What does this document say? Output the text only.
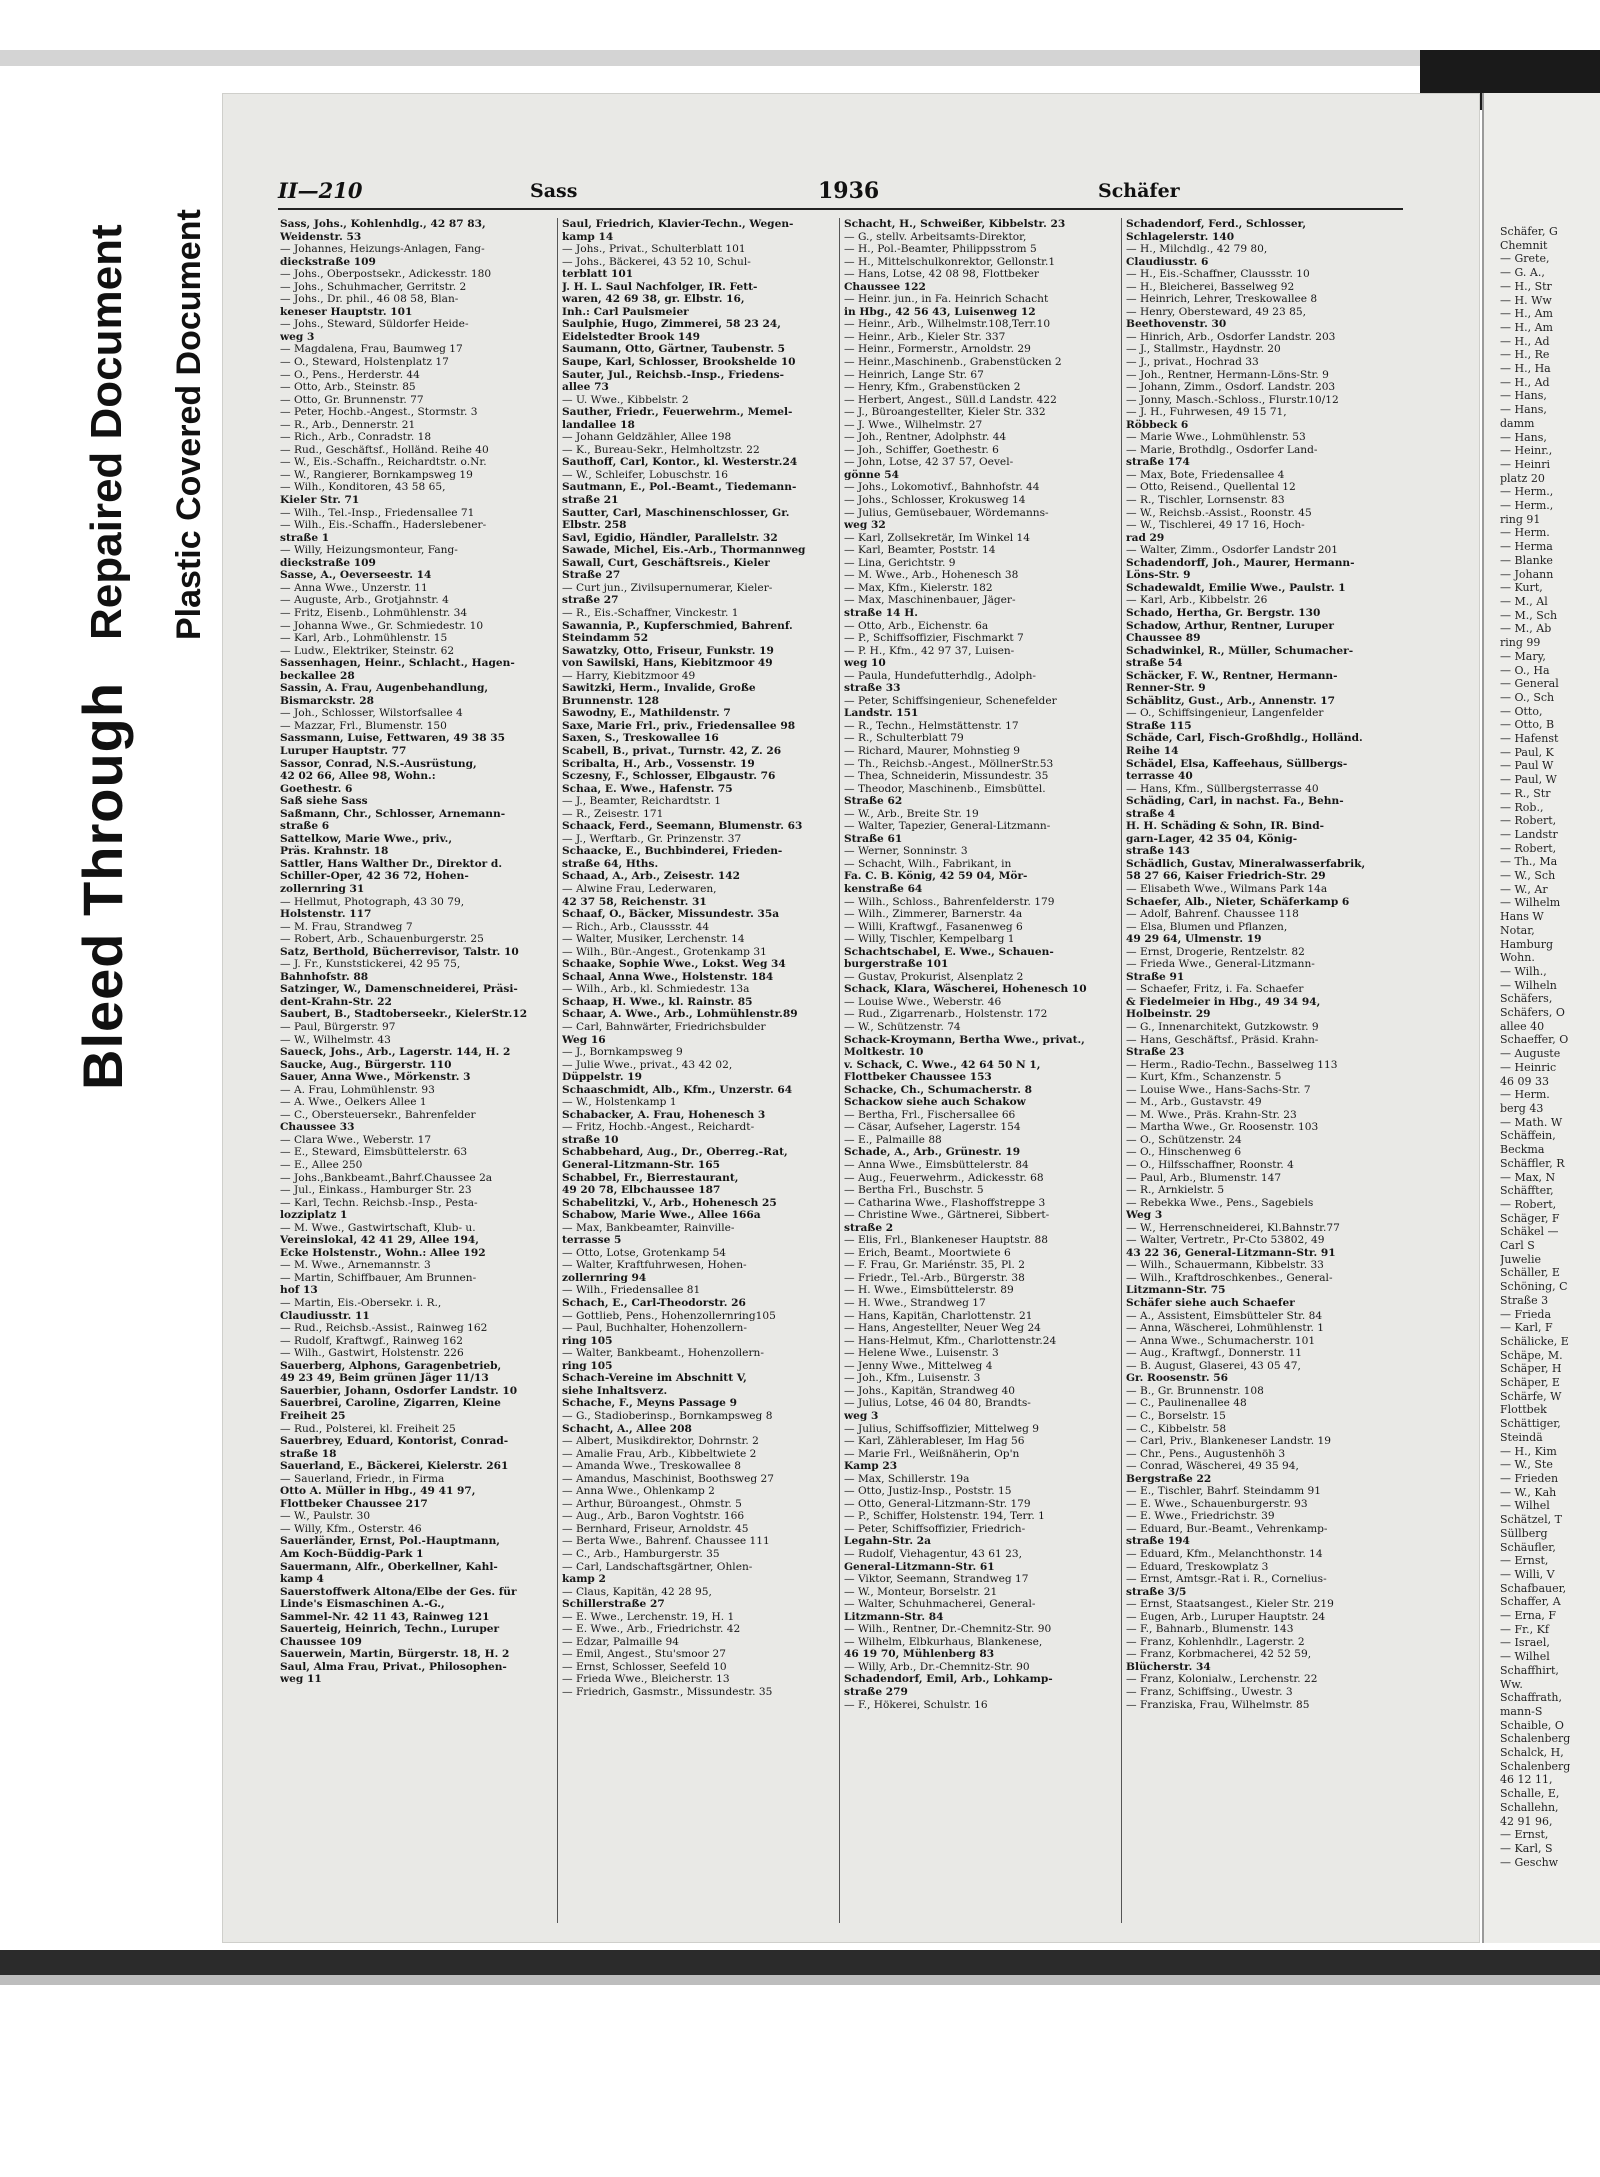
Bleed Through
Repaired Document Plastic Covered Document	Schäfer, G
Chemnit
— Grete,
— G. A.,
— H., Str
— H. Ww
— H., Am
— H., Am
— H., Ad
— H., Re
— H., Ha
— H., Ad
— Hans,
— Hans,
damm
— Hans,
— Heinr.,
— Heinri
platz 20
— Herm.,
— Herm.,
ring 91
— Herm.
— Herma
— Blanke
— Johann
— Kurt,
— M., Al
— M., Sch
— M., Ab
ring 99
— Mary,
— O., Ha
— General
— O., Sch
— Otto,
— Otto, B
— Hafenst
— Paul, K
— Paul W
— Paul, W
— R., Str
— Rob.,
— Robert,
— Landstr
— Robert,
— Th., Ma
— W., Sch
— W., Ar
— Wilhelm
Hans W
Notar,
Hamburg
Wohn.
— Wilh.,
— Wilheln
Schäfers,
Schäfers, O
allee 40
Schaeffer, O
— Auguste
— Heinric
46 09 33
— Herm.
berg 43
— Math. W
Schäffein,
Beckma
Schäffler, R
— Max, N
Schäffter,
— Robert,
Schäger, F
Schäkel —
Carl S
Juwelie
Schäller, E
Schöning, C
Straße 3
— Frieda
— Karl, F
Schälicke, E
Schäpe, M.
Schäper, H
Schäper, E
Schärfe, W
Flottbek
Schättiger,
Steindä
— H., Kim
— W., Ste
— Frieden
— W., Kah
— Wilhel
Schätzel, T
Süllberg
Schäufler,
— Ernst,
— Willi, V
Schafbauer,
Schaffer, A
— Erna, F
— Fr., Kf
— Israel,
— Wilhel
Schaffhirt,
Ww.
Schaffrath,
mann-S
Schaible, O
Schalenberg
Schalck, H,
Schalenberg
46 12 11,
Schalle, E,
Schallehn,
42 91 96,
— Ernst,
— Karl, S
— Geschw
II—210	Sass	1936	Schäfer
Sass, Johs., Kohlenhdlg., 42 87 83,
Weidenstr. 53
— Johannes, Heizungs-Anlagen, Fang-
dieckstraße 109
— Johs., Oberpostsekr., Adickesstr. 180
— Johs., Schuhmacher, Gerritstr. 2
— Johs., Dr. phil., 46 08 58, Blan-
keneser Hauptstr. 101
— Johs., Steward, Süldorfer Heide-
weg 3
— Magdalena, Frau, Baumweg 17
— O., Steward, Holstenplatz 17
— O., Pens., Herderstr. 44
— Otto, Arb., Steinstr. 85
— Otto, Gr. Brunnenstr. 77
— Peter, Hochb.-Angest., Stormstr. 3
— R., Arb., Dennerstr. 21
— Rich., Arb., Conradstr. 18
— Rud., Geschäftsf., Holländ. Reihe 40
— W., Eis.-Schaffn., Reichardtstr. o.Nr.
— W., Rangierer, Bornkampsweg 19
— Wilh., Konditoren, 43 58 65,
Kieler Str. 71
— Wilh., Tel.-Insp., Friedensallee 71
— Wilh., Eis.-Schaffn., Haderslebener-
straße 1
— Willy, Heizungsmonteur, Fang-
dieckstraße 109
Sasse, A., Oeverseestr. 14
— Anna Wwe., Unzerstr. 11
— Auguste, Arb., Grotjahnstr. 4
— Fritz, Eisenb., Lohmühlenstr. 34
— Johanna Wwe., Gr. Schmiedestr. 10
— Karl, Arb., Lohmühlenstr. 15
— Ludw., Elektriker, Steinstr. 62
Sassenhagen, Heinr., Schlacht., Hagen-
beckallee 28
Sassin, A. Frau, Augenbehandlung,
Bismarckstr. 28
— Joh., Schlosser, Wilstorfsallee 4
— Mazzar, Frl., Blumenstr. 150
Sassmann, Luise, Fettwaren, 49 38 35
Luruper Hauptstr. 77
Sassor, Conrad, N.S.-Ausrüstung,
42 02 66, Allee 98, Wohn.:
Goethestr. 6
Saß siehe Sass
Saßmann, Chr., Schlosser, Arnemann-
straße 6
Sattelkow, Marie Wwe., priv.,
Präs. Krahnstr. 18
Sattler, Hans Walther Dr., Direktor d.
Schiller-Oper, 42 36 72, Hohen-
zollernring 31
— Hellmut, Photograph, 43 30 79,
Holstenstr. 117
— M. Frau, Strandweg 7
— Robert, Arb., Schauenburgerstr. 25
Satz, Berthold, Bücherrevisor, Talstr. 10
— J. Fr., Kunststickerei, 42 95 75,
Bahnhofstr. 88
Satzinger, W., Damenschneiderei, Präsi-
dent-Krahn-Str. 22
Saubert, B., Stadtoberseekr., KielerStr.12
— Paul, Bürgerstr. 97
— W., Wilhelmstr. 43
Saueck, Johs., Arb., Lagerstr. 144, H. 2
Saucke, Aug., Bürgerstr. 110
Sauer, Anna Wwe., Mörkenstr. 3
— A. Frau, Lohmühlenstr. 93
— A. Wwe., Oelkers Allee 1
— C., Obersteuersekr., Bahrenfelder
Chaussee 33
— Clara Wwe., Weberstr. 17
— E., Steward, Eimsbüttelerstr. 63
— E., Allee 250
— Johs.,Bankbeamt.,Bahrf.Chaussee 2a
— Jul., Einkass., Hamburger Str. 23
— Karl, Techn. Reichsb.-Insp., Pesta-
lozziplatz 1
— M. Wwe., Gastwirtschaft, Klub- u.
Vereinslokal, 42 41 29, Allee 194,
Ecke Holstenstr., Wohn.: Allee 192
— M. Wwe., Arnemannstr. 3
— Martin, Schiffbauer, Am Brunnen-
hof 13
— Martin, Eis.-Obersekr. i. R.,
Claudiusstr. 11
— Rud., Reichsb.-Assist., Rainweg 162
— Rudolf, Kraftwgf., Rainweg 162
— Wilh., Gastwirt, Holstenstr. 226
Sauerberg, Alphons, Garagenbetrieb,
49 23 49, Beim grünen Jäger 11/13
Sauerbier, Johann, Osdorfer Landstr. 10
Sauerbrei, Caroline, Zigarren, Kleine
Freiheit 25
— Rud., Polsterei, kl. Freiheit 25
Sauerbrey, Eduard, Kontorist, Conrad-
straße 18
Sauerland, E., Bäckerei, Kielerstr. 261
— Sauerland, Friedr., in Firma
Otto A. Müller in Hbg., 49 41 97,
Flottbeker Chaussee 217
— W., Paulstr. 30
— Willy, Kfm., Osterstr. 46
Sauerländer, Ernst, Pol.-Hauptmann,
Am Koch-Büddig-Park 1
Sauermann, Alfr., Oberkellner, Kahl-
kamp 4
Sauerstoffwerk Altona/Elbe der Ges. für
Linde's Eismaschinen A.-G.,
Sammel-Nr. 42 11 43, Rainweg 121
Sauerteig, Heinrich, Techn., Luruper
Chaussee 109
Sauerwein, Martin, Bürgerstr. 18, H. 2
Saul, Alma Frau, Privat., Philosophen-
weg 11
Saul, Friedrich, Klavier-Techn., Wegen-
kamp 14
— Johs., Privat., Schulterblatt 101
— Johs., Bäckerei, 43 52 10, Schul-
terblatt 101
J. H. L. Saul Nachfolger, IR. Fett-
waren, 42 69 38, gr. Elbstr. 16,
Inh.: Carl Paulsmeier
Saulphie, Hugo, Zimmerei, 58 23 24,
Eidelstedter Brook 149
Saumann, Otto, Gärtner, Taubenstr. 5
Saupe, Karl, Schlosser, Brookshelde 10
Sauter, Jul., Reichsb.-Insp., Friedens-
allee 73
— U. Wwe., Kibbelstr. 2
Sauther, Friedr., Feuerwehrm., Memel-
landallee 18
— Johann Geldzähler, Allee 198
— K., Bureau-Sekr., Helmholtzstr. 22
Sauthoff, Carl, Kontor., kl. Westerstr.24
— W., Schleifer, Lobuschstr. 16
Sautmann, E., Pol.-Beamt., Tiedemann-
straße 21
Sautter, Carl, Maschinenschlosser, Gr.
Elbstr. 258
Savl, Egidio, Händler, Parallelstr. 32
Sawade, Michel, Eis.-Arb., Thormannweg
Sawall, Curt, Geschäftsreis., Kieler
Straße 27
— Curt jun., Zivilsupernumerar, Kieler-
straße 27
— R., Eis.-Schaffner, Vinckestr. 1
Sawannia, P., Kupferschmied, Bahrenf.
Steindamm 52
Sawatzky, Otto, Friseur, Funkstr. 19
von Sawilski, Hans, Kiebitzmoor 49
— Harry, Kiebitzmoor 49
Sawitzki, Herm., Invalide, Große
Brunnenstr. 128
Sawodny, E., Mathildenstr. 7
Saxe, Marie Frl., priv., Friedensallee 98
Saxen, S., Treskowallee 16
Scabell, B., privat., Turnstr. 42, Z. 26
Scribalta, H., Arb., Vossenstr. 19
Sczesny, F., Schlosser, Elbgaustr. 76
Schaa, E. Wwe., Hafenstr. 75
— J., Beamter, Reichardtstr. 1
— R., Zeisestr. 171
Schaack, Ferd., Seemann, Blumenstr. 63
— J., Werftarb., Gr. Prinzenstr. 37
Schaacke, E., Buchbinderei, Frieden-
straße 64, Hths.
Schaad, A., Arb., Zeisestr. 142
— Alwine Frau, Lederwaren,
42 37 58, Reichenstr. 31
Schaaf, O., Bäcker, Missundestr. 35a
— Rich., Arb., Claussstr. 44
— Walter, Musiker, Lerchenstr. 14
— Wilh., Bür.-Angest., Grotenkamp 31
Schaake, Sophie Wwe., Lokst. Weg 34
Schaal, Anna Wwe., Holstenstr. 184
— Wilh., Arb., kl. Schmiedestr. 13a
Schaap, H. Wwe., kl. Rainstr. 85
Schaar, A. Wwe., Arb., Lohmühlenstr.89
— Carl, Bahnwärter, Friedrichsbulder
Weg 16
— J., Bornkampsweg 9
— Julie Wwe., privat., 43 42 02,
Düppelstr. 19
Schaaschmidt, Alb., Kfm., Unzerstr. 64
— W., Holstenkamp 1
Schabacker, A. Frau, Hohenesch 3
— Fritz, Hochb.-Angest., Reichardt-
straße 10
Schabbehard, Aug., Dr., Oberreg.-Rat,
General-Litzmann-Str. 165
Schabbel, Fr., Bierrestaurant,
49 20 78, Elbchaussee 187
Schabelitzki, V., Arb., Hohenesch 25
Schabow, Marie Wwe., Allee 166a
— Max, Bankbeamter, Rainville-
terrasse 5
— Otto, Lotse, Grotenkamp 54
— Walter, Kraftfuhrwesen, Hohen-
zollernring 94
— Wilh., Friedensallee 81
Schach, E., Carl-Theodorstr. 26
— Gottlieb, Pens., Hohenzollernring105
— Paul, Buchhalter, Hohenzollern-
ring 105
— Walter, Bankbeamt., Hohenzollern-
ring 105
Schach-Vereine im Abschnitt V,
siehe Inhaltsverz.
Schache, F., Meyns Passage 9
— G., Stadioberinsp., Bornkampsweg 8
Schacht, A., Allee 208
— Albert, Musikdirektor, Dohrnstr. 2
— Amalie Frau, Arb., Kibbeltwiete 2
— Amanda Wwe., Treskowallee 8
— Amandus, Maschinist, Boothsweg 27
— Anna Wwe., Ohlenkamp 2
— Arthur, Büroangest., Ohmstr. 5
— Aug., Arb., Baron Voghtstr. 166
— Bernhard, Friseur, Arnoldstr. 45
— Berta Wwe., Bahrenf. Chaussee 111
— C., Arb., Hamburgerstr. 35
— Carl, Landschaftsgärtner, Ohlen-
kamp 2
— Claus, Kapitän, 42 28 95,
Schillerstraße 27
— E. Wwe., Lerchenstr. 19, H. 1
— E. Wwe., Arb., Friedrichstr. 42
— Edzar, Palmaille 94
— Emil, Angest., Stu'smoor 27
— Ernst, Schlosser, Seefeld 10
— Frieda Wwe., Bleicherstr. 13
— Friedrich, Gasmstr., Missundestr. 35
Schacht, H., Schweißer, Kibbelstr. 23
— G., stellv. Arbeitsamts-Direktor,
— H., Pol.-Beamter, Philippsstrom 5
— H., Mittelschulkonrektor, Gellonstr.1
— Hans, Lotse, 42 08 98, Flottbeker
Chaussee 122
— Heinr. jun., in Fa. Heinrich Schacht
in Hbg., 42 56 43, Luisenweg 12
— Heinr., Arb., Wilhelmstr.108,Terr.10
— Heinr., Arb., Kieler Str. 337
— Heinr., Formerstr., Arnoldstr. 29
— Heinr.,Maschinenb., Grabenstücken 2
— Heinrich, Lange Str. 67
— Henry, Kfm., Grabenstücken 2
— Herbert, Angest., Süll.d Landstr. 422
— J., Büroangestellter, Kieler Str. 332
— J. Wwe., Wilhelmstr. 27
— Joh., Rentner, Adolphstr. 44
— Joh., Schiffer, Goethestr. 6
— John, Lotse, 42 37 57, Oevel-
gönne 54
— Johs., Lokomotivf., Bahnhofstr. 44
— Johs., Schlosser, Krokusweg 14
— Julius, Gemüsebauer, Wördemanns-
weg 32
— Karl, Zollsekretär, Im Winkel 14
— Karl, Beamter, Poststr. 14
— Lina, Gerichtstr. 9
— M. Wwe., Arb., Hohenesch 38
— Max, Kfm., Kielerstr. 182
— Max, Maschinenbauer, Jäger-
straße 14 H.
— Otto, Arb., Eichenstr. 6a
— P., Schiffsoffizier, Fischmarkt 7
— P. H., Kfm., 42 97 37, Luisen-
weg 10
— Paula, Hundefutterhdlg., Adolph-
straße 33
— Peter, Schiffsingenieur, Schenefelder
Landstr. 151
— R., Techn., Helmstättenstr. 17
— R., Schulterblatt 79
— Richard, Maurer, Mohnstieg 9
— Th., Reichsb.-Angest., MöllnerStr.53
— Thea, Schneiderin, Missundestr. 35
— Theodor, Maschinenb., Eimsbüttel.
Straße 62
— W., Arb., Breite Str. 19
— Walter, Tapezier, General-Litzmann-
Straße 61
— Werner, Sonninstr. 3
— Schacht, Wilh., Fabrikant, in
Fa. C. B. König, 42 59 04, Mör-
kenstraße 64
— Wilh., Schloss., Bahrenfelderstr. 179
— Wilh., Zimmerer, Barnerstr. 4a
— Willi, Kraftwgf., Fasanenweg 6
— Willy, Tischler, Kempelbarg 1
Schachtschabel, E. Wwe., Schauen-
burgerstraße 101
— Gustav, Prokurist, Alsenplatz 2
Schack, Klara, Wäscherei, Hohenesch 10
— Louise Wwe., Weberstr. 46
— Rud., Zigarrenarb., Holstenstr. 172
— W., Schützenstr. 74
Schack-Kroymann, Bertha Wwe., privat.,
Moltkestr. 10
v. Schack, C. Wwe., 42 64 50 N 1,
Flottbeker Chaussee 153
Schacke, Ch., Schumacherstr. 8
Schackow siehe auch Schakow
— Bertha, Frl., Fischersallee 66
— Cäsar, Aufseher, Lagerstr. 154
— E., Palmaille 88
Schade, A., Arb., Grünestr. 19
— Anna Wwe., Eimsbüttelerstr. 84
— Aug., Feuerwehrm., Adickesstr. 68
— Bertha Frl., Buschstr. 5
— Catharina Wwe., Flashoffstreppe 3
— Christine Wwe., Gärtnerei, Sibbert-
straße 2
— Elis, Frl., Blankeneser Hauptstr. 88
— Erich, Beamt., Moortwiete 6
— F. Frau, Gr. Mariénstr. 35, Pl. 2
— Friedr., Tel.-Arb., Bürgerstr. 38
— H. Wwe., Eimsbüttelerstr. 89
— H. Wwe., Strandweg 17
— Hans, Kapitän, Charlottenstr. 21
— Hans, Angestellter, Neuer Weg 24
— Hans-Helmut, Kfm., Charlottenstr.24
— Helene Wwe., Luisenstr. 3
— Jenny Wwe., Mittelweg 4
— Joh., Kfm., Luisenstr. 3
— Johs., Kapitän, Strandweg 40
— Julius, Lotse, 46 04 80, Brandts-
weg 3
— Julius, Schiffsoffizier, Mittelweg 9
— Karl, Zählerableser, Im Hag 56
— Marie Frl., Weißnäherin, Op'n
Kamp 23
— Max, Schillerstr. 19a
— Otto, Justiz-Insp., Poststr. 15
— Otto, General-Litzmann-Str. 179
— P., Schiffer, Holstenstr. 194, Terr. 1
— Peter, Schiffsoffizier, Friedrich-
Legahn-Str. 2a
— Rudolf, Viehagentur, 43 61 23,
General-Litzmann-Str. 61
— Viktor, Seemann, Strandweg 17
— W., Monteur, Borselstr. 21
— Walter, Schuhmacherei, General-
Litzmann-Str. 84
— Wilh., Rentner, Dr.-Chemnitz-Str. 90
— Wilhelm, Elbkurhaus, Blankenese,
46 19 70, Mühlenberg 83
— Willy, Arb., Dr.-Chemnitz-Str. 90
Schadendorf, Emil, Arb., Lohkamp-
straße 279
— F., Hökerei, Schulstr. 16
Schadendorf, Ferd., Schlosser,
Schlagelerstr. 140
— H., Milchdlg., 42 79 80,
Claudiusstr. 6
— H., Eis.-Schaffner, Claussstr. 10
— H., Bleicherei, Basselweg 92
— Heinrich, Lehrer, Treskowallee 8
— Henry, Obersteward, 49 23 85,
Beethovenstr. 30
— Hinrich, Arb., Osdorfer Landstr. 203
— J., Stallmstr., Haydnstr. 20
— J., privat., Hochrad 33
— Joh., Rentner, Hermann-Löns-Str. 9
— Johann, Zimm., Osdorf. Landstr. 203
— Jonny, Masch.-Schloss., Flurstr.10/12
— J. H., Fuhrwesen, 49 15 71,
Röbbeck 6
— Marie Wwe., Lohmühlenstr. 53
— Marie, Brothdlg., Osdorfer Land-
straße 174
— Max, Bote, Friedensallee 4
— Otto, Reisend., Quellental 12
— R., Tischler, Lornsenstr. 83
— W., Reichsb.-Assist., Roonstr. 45
— W., Tischlerei, 49 17 16, Hoch-
rad 29
— Walter, Zimm., Osdorfer Landstr 201
Schadendorff, Joh., Maurer, Hermann-
Löns-Str. 9
Schadewaldt, Emilie Wwe., Paulstr. 1
— Karl, Arb., Kibbelstr. 26
Schado, Hertha, Gr. Bergstr. 130
Schadow, Arthur, Rentner, Luruper
Chaussee 89
Schadwinkel, R., Müller, Schumacher-
straße 54
Schäcker, F. W., Rentner, Hermann-
Renner-Str. 9
Schäblitz, Gust., Arb., Annenstr. 17
— O., Schiffsingenieur, Langenfelder
Straße 115
Schäde, Carl, Fisch-Großhdlg., Holländ.
Reihe 14
Schädel, Elsa, Kaffeehaus, Süllbergs-
terrasse 40
— Hans, Kfm., Süllbergsterrasse 40
Schäding, Carl, in nachst. Fa., Behn-
straße 4
H. H. Schäding & Sohn, IR. Bind-
garn-Lager, 42 35 04, König-
straße 143
Schädlich, Gustav, Mineralwasserfabrik,
58 27 66, Kaiser Friedrich-Str. 29
— Elisabeth Wwe., Wilmans Park 14a
Schaefer, Alb., Nieter, Schäferkamp 6
— Adolf, Bahrenf. Chaussee 118
— Elsa, Blumen und Pflanzen,
49 29 64, Ulmenstr. 19
— Ernst, Drogerie, Rentzelstr. 82
— Frieda Wwe., General-Litzmann-
Straße 91
— Schaefer, Fritz, i. Fa. Schaefer
& Fiedelmeier in Hbg., 49 34 94,
Holbeinstr. 29
— G., Innenarchitekt, Gutzkowstr. 9
— Hans, Geschäftsf., Präsid. Krahn-
Straße 23
— Herm., Radio-Techn., Basselweg 113
— Kurt, Kfm., Schanzenstr. 5
— Louise Wwe., Hans-Sachs-Str. 7
— M., Arb., Gustavstr. 49
— M. Wwe., Präs. Krahn-Str. 23
— Martha Wwe., Gr. Roosenstr. 103
— O., Schützenstr. 24
— O., Hinschenweg 6
— O., Hilfsschaffner, Roonstr. 4
— Paul, Arb., Blumenstr. 147
— R., Arnkielstr. 5
— Rebekka Wwe., Pens., Sagebiels
Weg 3
— W., Herrenschneiderei, Kl.Bahnstr.77
— Walter, Vertretr., Pr-Cto 53802, 49
43 22 36, General-Litzmann-Str. 91
— Wilh., Schauermann, Kibbelstr. 33
— Wilh., Kraftdroschkenbes., General-
Litzmann-Str. 75
Schäfer siehe auch Schaefer
— A., Assistent, Eimsbütteler Str. 84
— Anna, Wäscherei, Lohmühlenstr. 1
— Anna Wwe., Schumacherstr. 101
— Aug., Kraftwgf., Donnerstr. 11
— B. August, Glaserei, 43 05 47,
Gr. Roosenstr. 56
— B., Gr. Brunnenstr. 108
— C., Paulinenallee 48
— C., Borselstr. 15
— C., Kibbelstr. 58
— Carl, Priv., Blankeneser Landstr. 19
— Chr., Pens., Augustenhöh 3
— Conrad, Wäscherei, 49 35 94,
Bergstraße 22
— E., Tischler, Bahrf. Steindamm 91
— E. Wwe., Schauenburgerstr. 93
— E. Wwe., Friedrichstr. 39
— Eduard, Bur.-Beamt., Vehrenkamp-
straße 194
— Eduard, Kfm., Melanchthonstr. 14
— Eduard, Treskowplatz 3
— Ernst, Amtsgr.-Rat i. R., Cornelius-
straße 3/5
— Ernst, Staatsangest., Kieler Str. 219
— Eugen, Arb., Luruper Hauptstr. 24
— F., Bahnarb., Blumenstr. 143
— Franz, Kohlenhdlr., Lagerstr. 2
— Franz, Korbmacherei, 42 52 59,
Blücherstr. 34
— Franz, Kolonialw., Lerchenstr. 22
— Franz, Schiffsing., Uwestr. 3
— Franziska, Frau, Wilhelmstr. 85
